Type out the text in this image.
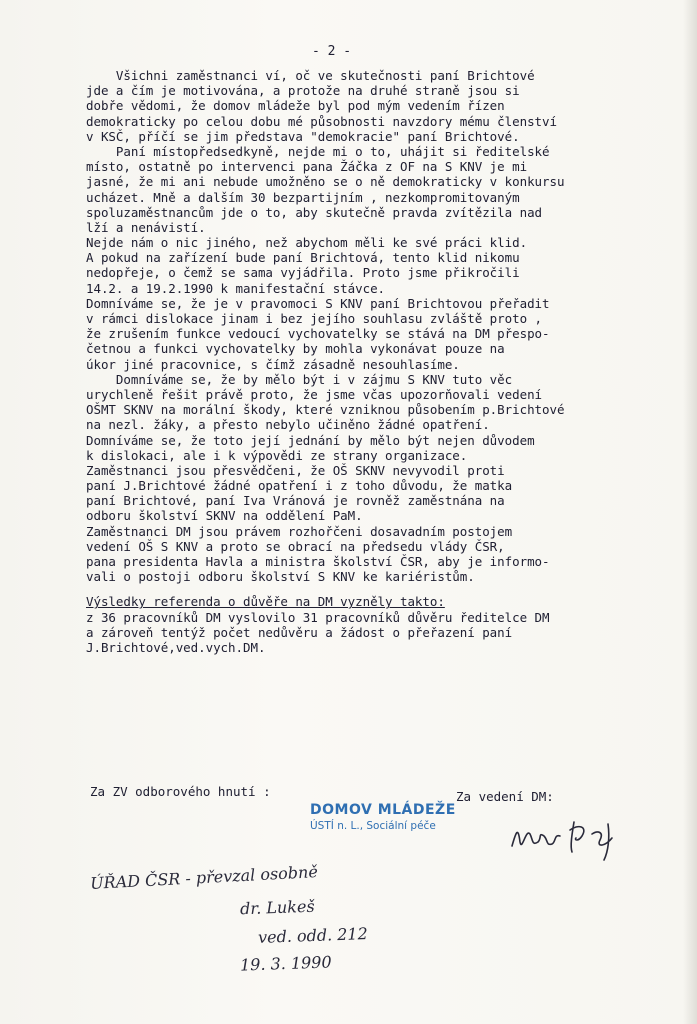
- 2 -
Všichni zaměstnanci ví, oč ve skutečnosti paní Brichtové
jde a čím je motivována, a protože na druhé straně jsou si
dobře vědomi, že domov mládeže byl pod mým vedením řízen
demokraticky po celou dobu mé působnosti navzdory mému členství
v KSČ, příčí se jim představa "demokracie" paní Brichtové.
Paní místopředsedkyně, nejde mi o to, uhájit si ředitelské
místo, ostatně po intervenci pana Žáčka z OF na S KNV je mi
jasné, že mi ani nebude umožněno se o ně demokraticky v konkursu
ucházet. Mně a dalším 30 bezpartijním , nezkompromitovaným
spoluzaměstnancům jde o to, aby skutečně pravda zvítězila nad
lží a nenávistí.
Nejde nám o nic jiného, než abychom měli ke své práci klid.
A pokud na zařízení bude paní Brichtová, tento klid nikomu
nedopřeje, o čemž se sama vyjádřila. Proto jsme přikročili
14.2. a 19.2.1990 k manifestační stávce.
Domníváme se, že je v pravomoci S KNV paní Brichtovou přeřadit
v rámci dislokace jinam i bez jejího souhlasu zvláště proto ,
že zrušením funkce vedoucí vychovatelky se stává na DM přespo-
četnou a funkci vychovatelky by mohla vykonávat pouze na
úkor jiné pracovnice, s čímž zásadně nesouhlasíme.
Domníváme se, že by mělo být i v zájmu S KNV tuto věc
urychleně řešit právě proto, že jsme včas upozorňovali vedení
OŠMT SKNV na morální škody, které vzniknou působením p.Brichtové
na nezl. žáky, a přesto nebylo učiněno žádné opatření.
Domníváme se, že toto její jednání by mělo být nejen důvodem
k dislokaci, ale i k výpovědi ze strany organizace.
Zaměstnanci jsou přesvědčeni, že OŠ SKNV nevyvodil proti
paní J.Brichtové žádné opatření i z toho důvodu, že matka
paní Brichtové, paní Iva Vránová je rovněž zaměstnána na
odboru školství SKNV na oddělení PaM.
Zaměstnanci DM jsou právem rozhořčeni dosavadním postojem
vedení OŠ S KNV a proto se obrací na předsedu vlády ČSR,
pana presidenta Havla a ministra školství ČSR, aby je informo-
vali o postoji odboru školství S KNV ke kariéristům.
Výsledky referenda o důvěře na DM vyzněly takto:
z 36 pracovníků DM vyslovilo 31 pracovníků důvěru ředitelce DM
a zároveň tentýž počet nedůvěru a žádost o přeřazení paní
J.Brichtové,ved.vych.DM.
Za ZV odborového hnutí :	Za vedení DM:
DOMOV MLÁDEŽE
ÚSTÍ n. L., Sociální péče
ÚŘAD ČSR - převzal osobně
dr. Lukeš
ved. odd. 212
19. 3. 1990
